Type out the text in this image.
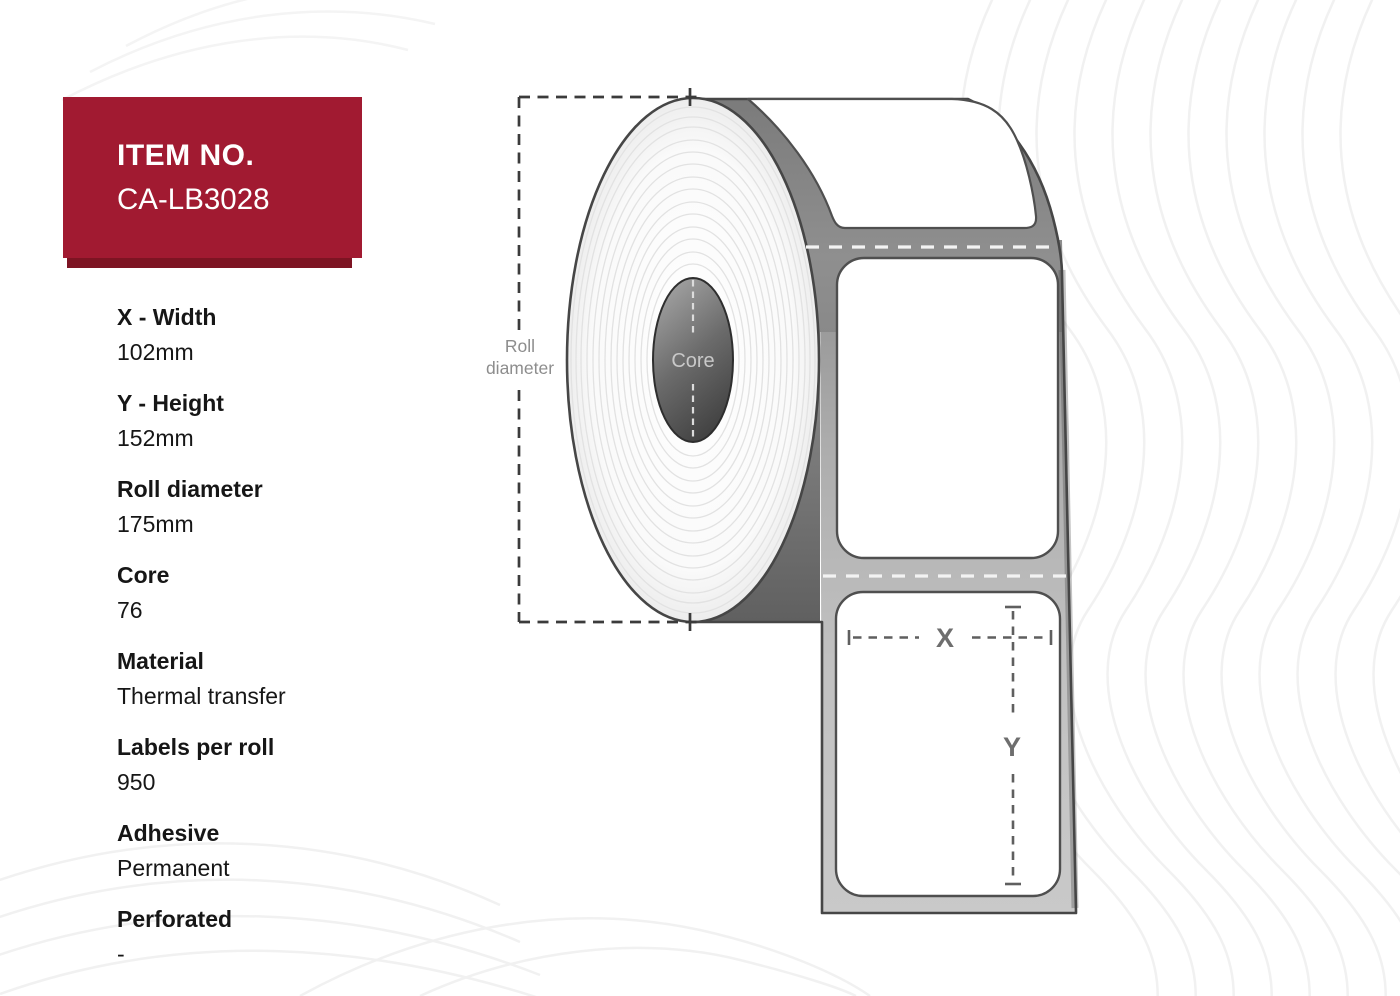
Core
X
Y
Roll
diameter
ITEM NO.
CA-LB3028
X - Width
102mm
Y - Height
152mm
Roll diameter
175mm
Core
76
Material
Thermal transfer
Labels per roll
950
Adhesive
Permanent
Perforated
-
